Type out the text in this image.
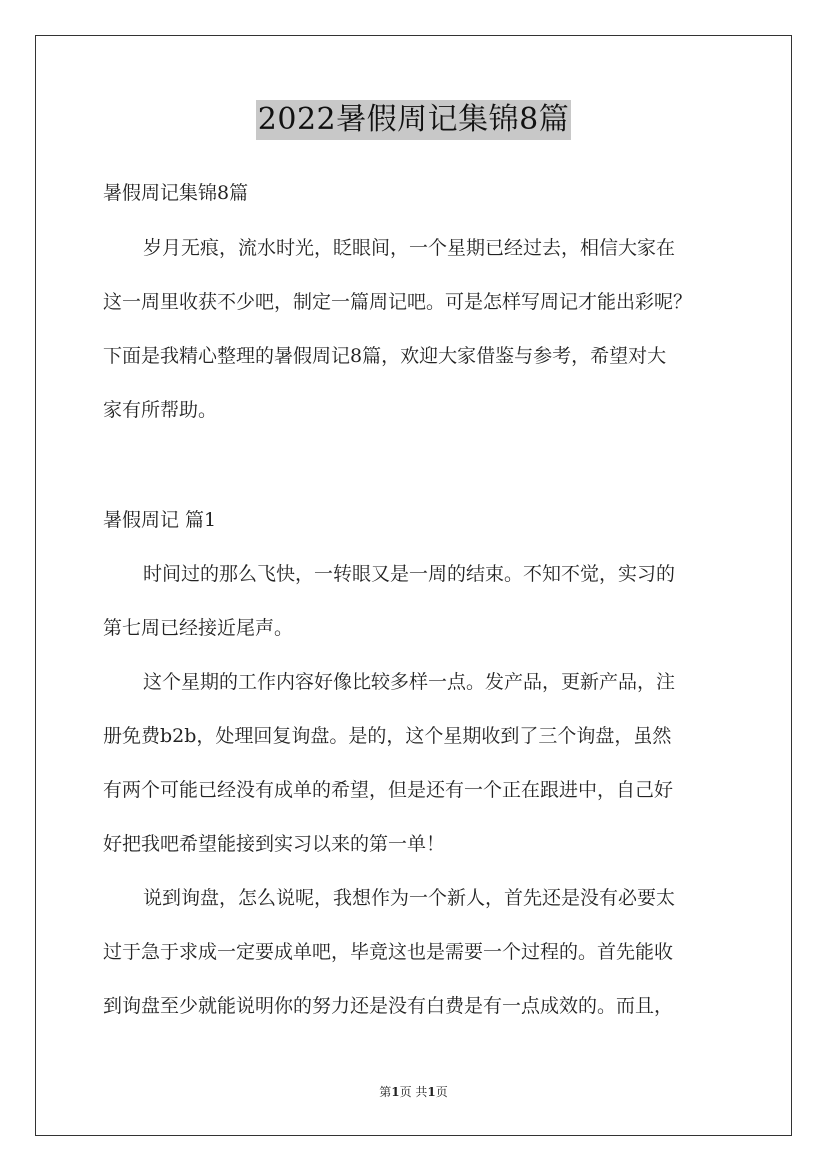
2022暑假周记集锦8篇
暑假周记集锦8篇
岁月无痕，流水时光，眨眼间，一个星期已经过去，相信大家在
这一周里收获不少吧，制定一篇周记吧。可是怎样写周记才能出彩呢？
下面是我精心整理的暑假周记8篇，欢迎大家借鉴与参考，希望对大
家有所帮助。
暑假周记 篇1
时间过的那么飞快，一转眼又是一周的结束。不知不觉，实习的
第七周已经接近尾声。
这个星期的工作内容好像比较多样一点。发产品，更新产品，注
册免费b2b，处理回复询盘。是的，这个星期收到了三个询盘，虽然
有两个可能已经没有成单的希望，但是还有一个正在跟进中，自己好
好把我吧希望能接到实习以来的第一单！
说到询盘，怎么说呢，我想作为一个新人，首先还是没有必要太
过于急于求成一定要成单吧，毕竟这也是需要一个过程的。首先能收
到询盘至少就能说明你的努力还是没有白费是有一点成效的。而且，
第1页 共1页
